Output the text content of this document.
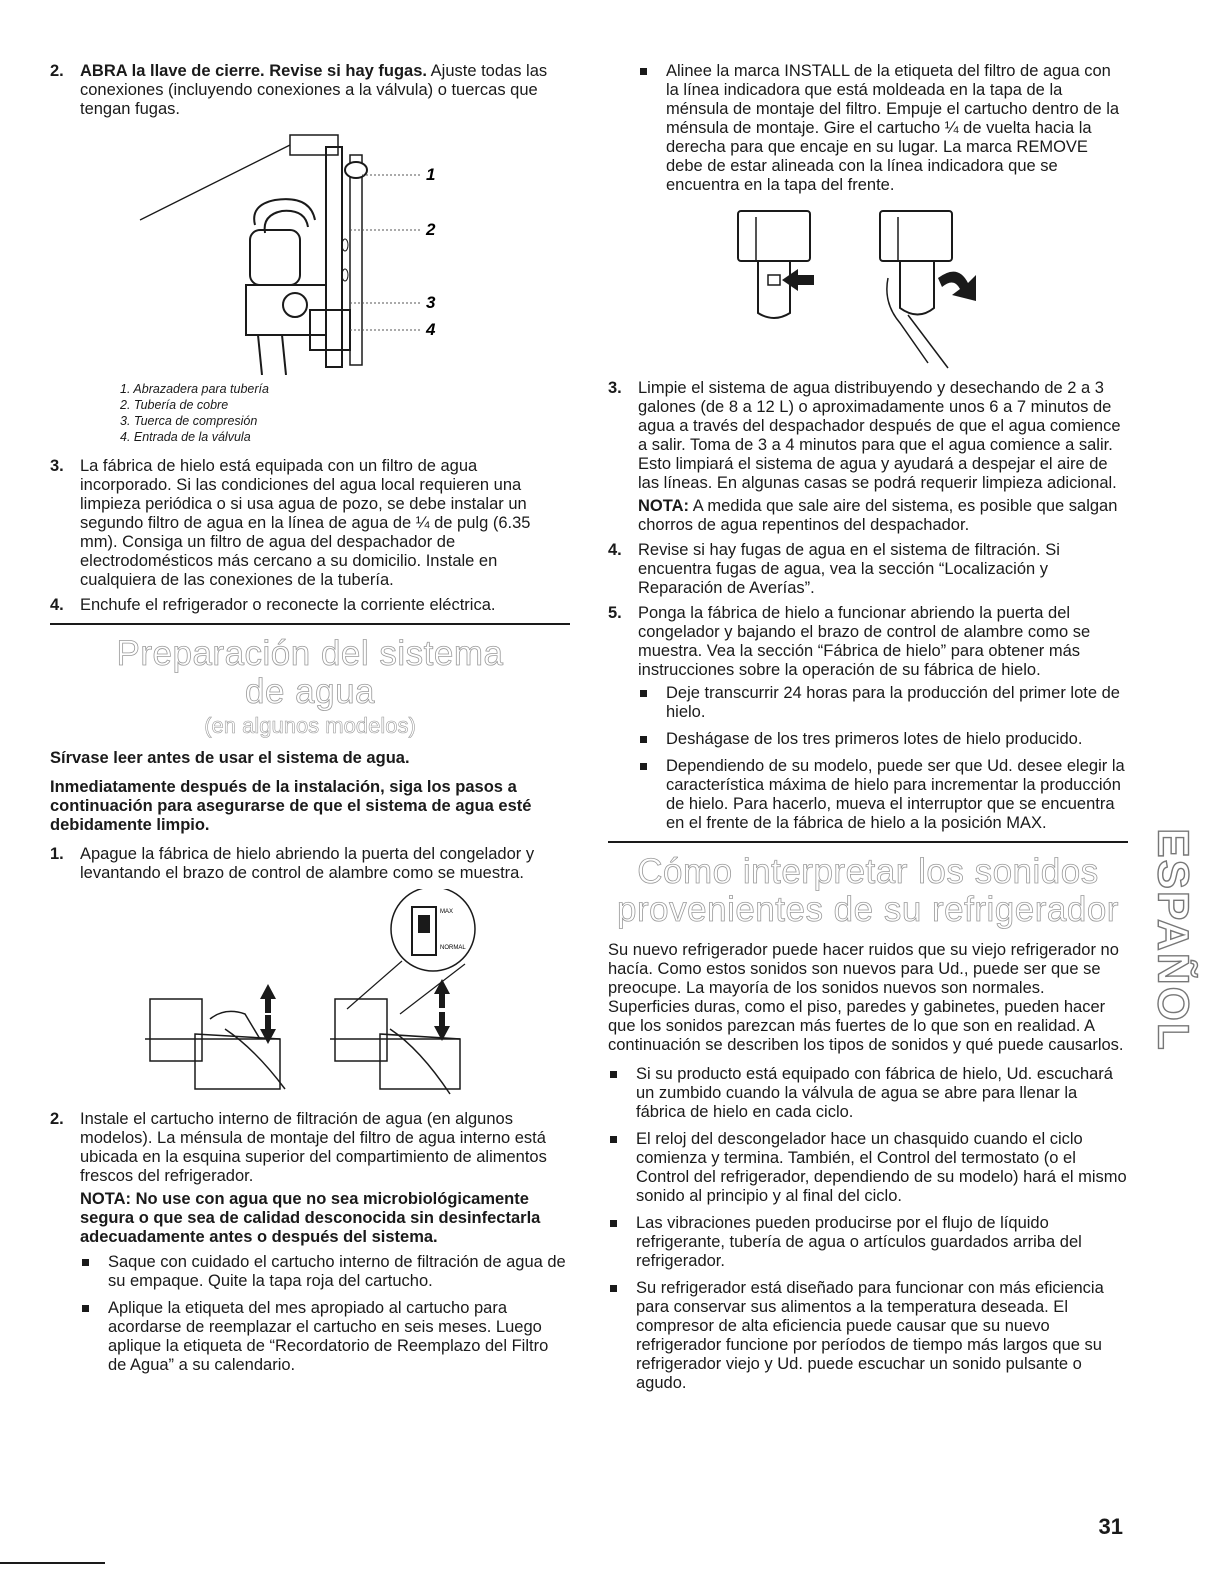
2. ABRA la llave de cierre. Revise si hay fugas. Ajuste todas las conexiones (incluyendo conexiones a la válvula) o tuercas que tengan fugas.
1
2
3
4
1. Abrazadera para tubería
2. Tubería de cobre
3. Tuerca de compresión
4. Entrada de la válvula
3. La fábrica de hielo está equipada con un filtro de agua incorporado. Si las condiciones del agua local requieren una limpieza periódica o si usa agua de pozo, se debe instalar un segundo filtro de agua en la línea de agua de ¼ de pulg (6.35 mm). Consiga un filtro de agua del despachador de electrodomésticos más cercano a su domicilio. Instale en cualquiera de las conexiones de la tubería.
4. Enchufe el refrigerador o reconecte la corriente eléctrica.
Preparación del sistema
de agua
(en algunos modelos)
Sírvase leer antes de usar el sistema de agua.
Inmediatamente después de la instalación, siga los pasos a continuación para asegurarse de que el sistema de agua esté debidamente limpio.
1. Apague la fábrica de hielo abriendo la puerta del congelador y levantando el brazo de control de alambre como se muestra.
MAX
NORMAL
2. Instale el cartucho interno de filtración de agua (en algunos modelos). La ménsula de montaje del filtro de agua interno está ubicada en la esquina superior del compartimiento de alimentos frescos del refrigerador.
NOTA: No use con agua que no sea microbiológicamente segura o que sea de calidad desconocida sin desinfectarla adecuadamente antes o después del sistema.
Saque con cuidado el cartucho interno de filtración de agua de su empaque. Quite la tapa roja del cartucho.
Aplique la etiqueta del mes apropiado al cartucho para acordarse de reemplazar el cartucho en seis meses. Luego aplique la etiqueta de “Recordatorio de Reemplazo del Filtro de Agua” a su calendario.
Alinee la marca INSTALL de la etiqueta del filtro de agua con la línea indicadora que está moldeada en la tapa de la ménsula de montaje del filtro. Empuje el cartucho dentro de la ménsula de montaje. Gire el cartucho ¼ de vuelta hacia la derecha para que encaje en su lugar. La marca REMOVE debe de estar alineada con la línea indicadora que se encuentra en la tapa del frente.
3. Limpie el sistema de agua distribuyendo y desechando de 2 a 3 galones (de 8 a 12 L) o aproximadamente unos 6 a 7 minutos de agua a través del despachador después de que el agua comience a salir. Toma de 3 a 4 minutos para que el agua comience a salir. Esto limpiará el sistema de agua y ayudará a despejar el aire de las líneas. En algunas casas se podrá requerir limpieza adicional.
NOTA: A medida que sale aire del sistema, es posible que salgan chorros de agua repentinos del despachador.
4. Revise si hay fugas de agua en el sistema de filtración. Si encuentra fugas de agua, vea la sección “Localización y Reparación de Averías”.
5. Ponga la fábrica de hielo a funcionar abriendo la puerta del congelador y bajando el brazo de control de alambre como se muestra. Vea la sección “Fábrica de hielo” para obtener más instrucciones sobre la operación de su fábrica de hielo.
Deje transcurrir 24 horas para la producción del primer lote de hielo.
Deshágase de los tres primeros lotes de hielo producido.
Dependiendo de su modelo, puede ser que Ud. desee elegir la característica máxima de hielo para incrementar la producción de hielo. Para hacerlo, mueva el interruptor que se encuentra en el frente de la fábrica de hielo a la posición MAX.
Cómo interpretar los sonidos
provenientes de su refrigerador
Su nuevo refrigerador puede hacer ruidos que su viejo refrigerador no hacía. Como estos sonidos son nuevos para Ud., puede ser que se preocupe. La mayoría de los sonidos nuevos son normales. Superficies duras, como el piso, paredes y gabinetes, pueden hacer que los sonidos parezcan más fuertes de lo que son en realidad. A continuación se describen los tipos de sonidos y qué puede causarlos.
Si su producto está equipado con fábrica de hielo, Ud. escuchará un zumbido cuando la válvula de agua se abre para llenar la fábrica de hielo en cada ciclo.
El reloj del descongelador hace un chasquido cuando el ciclo comienza y termina. También, el Control del termostato (o el Control del refrigerador, dependiendo de su modelo) hará el mismo sonido al principio y al final del ciclo.
Las vibraciones pueden producirse por el flujo de líquido refrigerante, tubería de agua o artículos guardados arriba del refrigerador.
Su refrigerador está diseñado para funcionar con más eficiencia para conservar sus alimentos a la temperatura deseada. El compresor de alta eficiencia puede causar que su nuevo refrigerador funcione por períodos de tiempo más largos que su refrigerador viejo y Ud. puede escuchar un sonido pulsante o agudo.
ESPAÑOL
31
